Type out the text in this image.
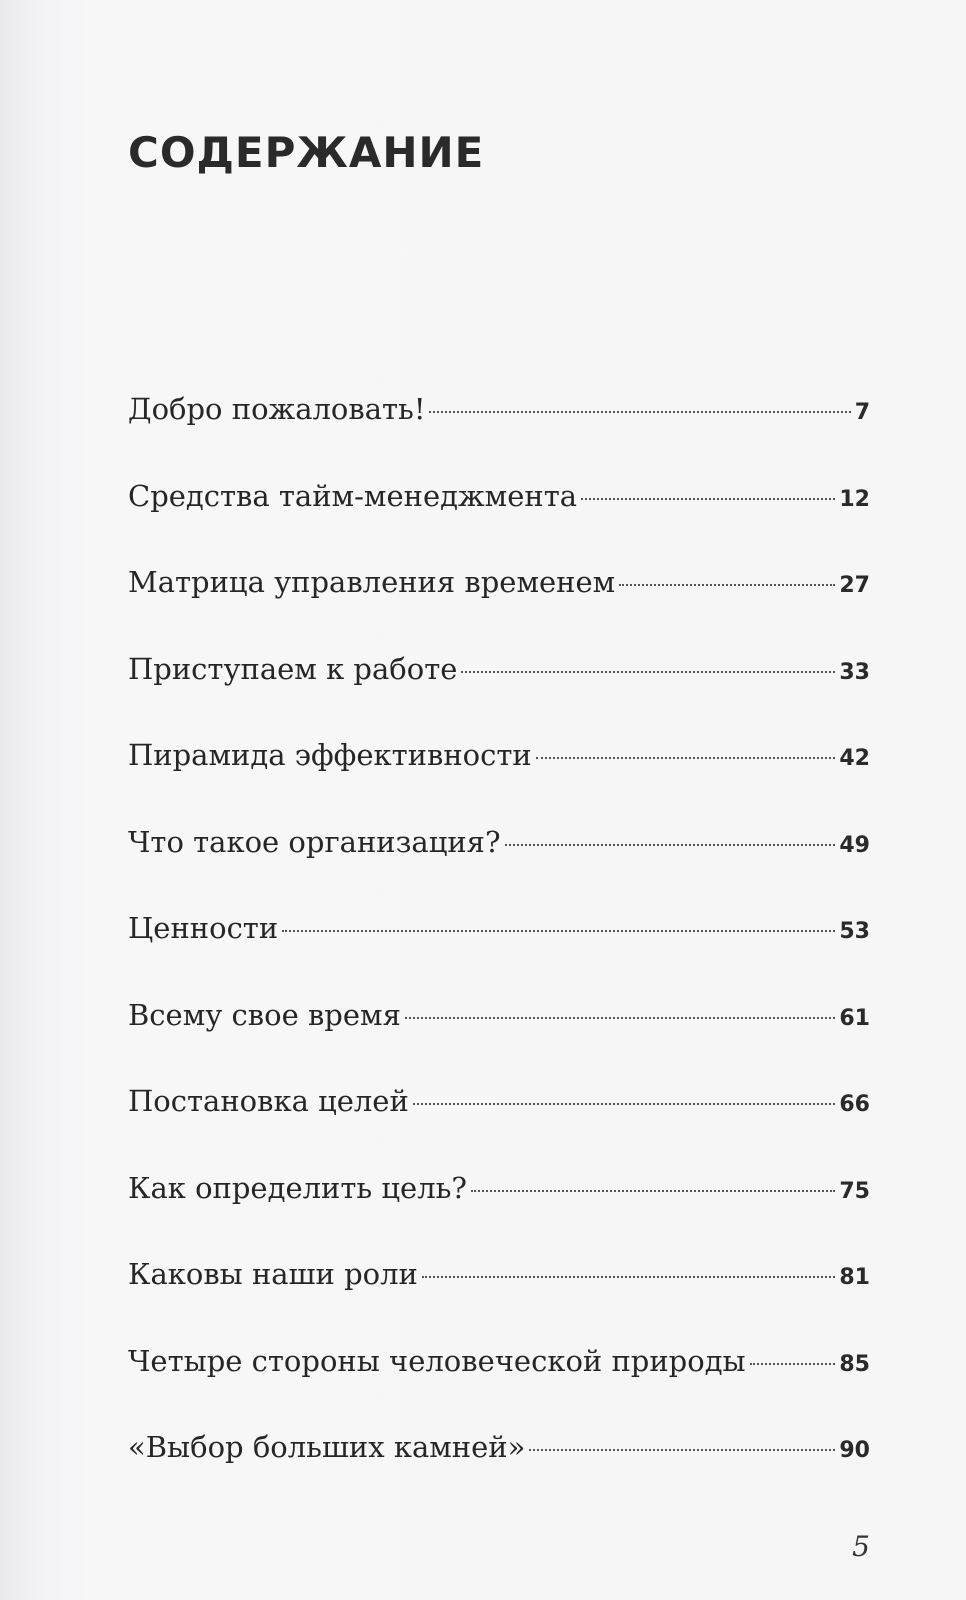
СОДЕРЖАНИЕ
Добро пожаловать!	7
Средства тайм-менеджмента	12
Матрица управления временем	27
Приступаем к работе	33
Пирамида эффективности	42
Что такое организация?	49
Ценности	53
Всему свое время	61
Постановка целей	66
Как определить цель?	75
Каковы наши роли	81
Четыре стороны человеческой природы	85
«Выбор больших камней»	90
5
